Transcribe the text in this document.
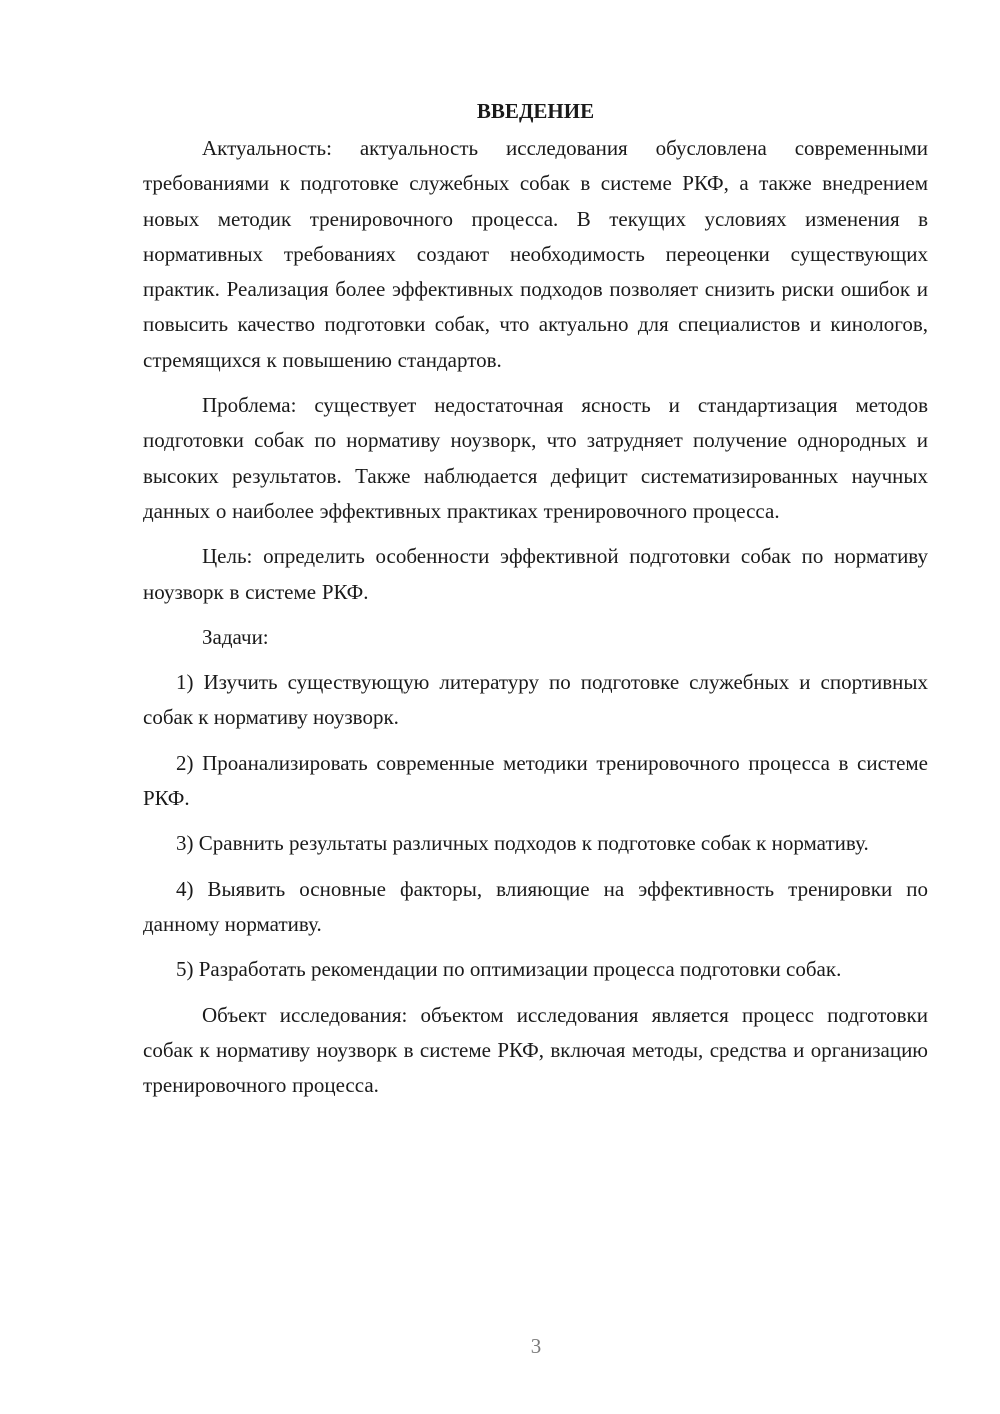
ВВЕДЕНИЕ

Актуальность: актуальность исследования обусловлена современными требованиями к подготовке служебных собак в системе РКФ, а также внедрением новых методик тренировочного процесса. В текущих условиях изменения в нормативных требованиях создают необходимость переоценки существующих практик. Реализация более эффективных подходов позволяет снизить риски ошибок и повысить качество подготовки собак, что актуально для специалистов и кинологов, стремящихся к повышению стандартов.

Проблема: существует недостаточная ясность и стандартизация методов подготовки собак по нормативу ноузворк, что затрудняет получение однородных и высоких результатов. Также наблюдается дефицит систематизированных научных данных о наиболее эффективных практиках тренировочного процесса.

Цель: определить особенности эффективной подготовки собак по нормативу ноузворк в системе РКФ.

Задачи:

1) Изучить существующую литературу по подготовке служебных и спортивных собак к нормативу ноузворк.

2) Проанализировать современные методики тренировочного процесса в системе РКФ.

3) Сравнить результаты различных подходов к подготовке собак к нормативу.

4) Выявить основные факторы, влияющие на эффективность тренировки по данному нормативу.

5) Разработать рекомендации по оптимизации процесса подготовки собак.

Объект исследования: объектом исследования является процесс подготовки собак к нормативу ноузворк в системе РКФ, включая методы, средства и организацию тренировочного процесса.

3
